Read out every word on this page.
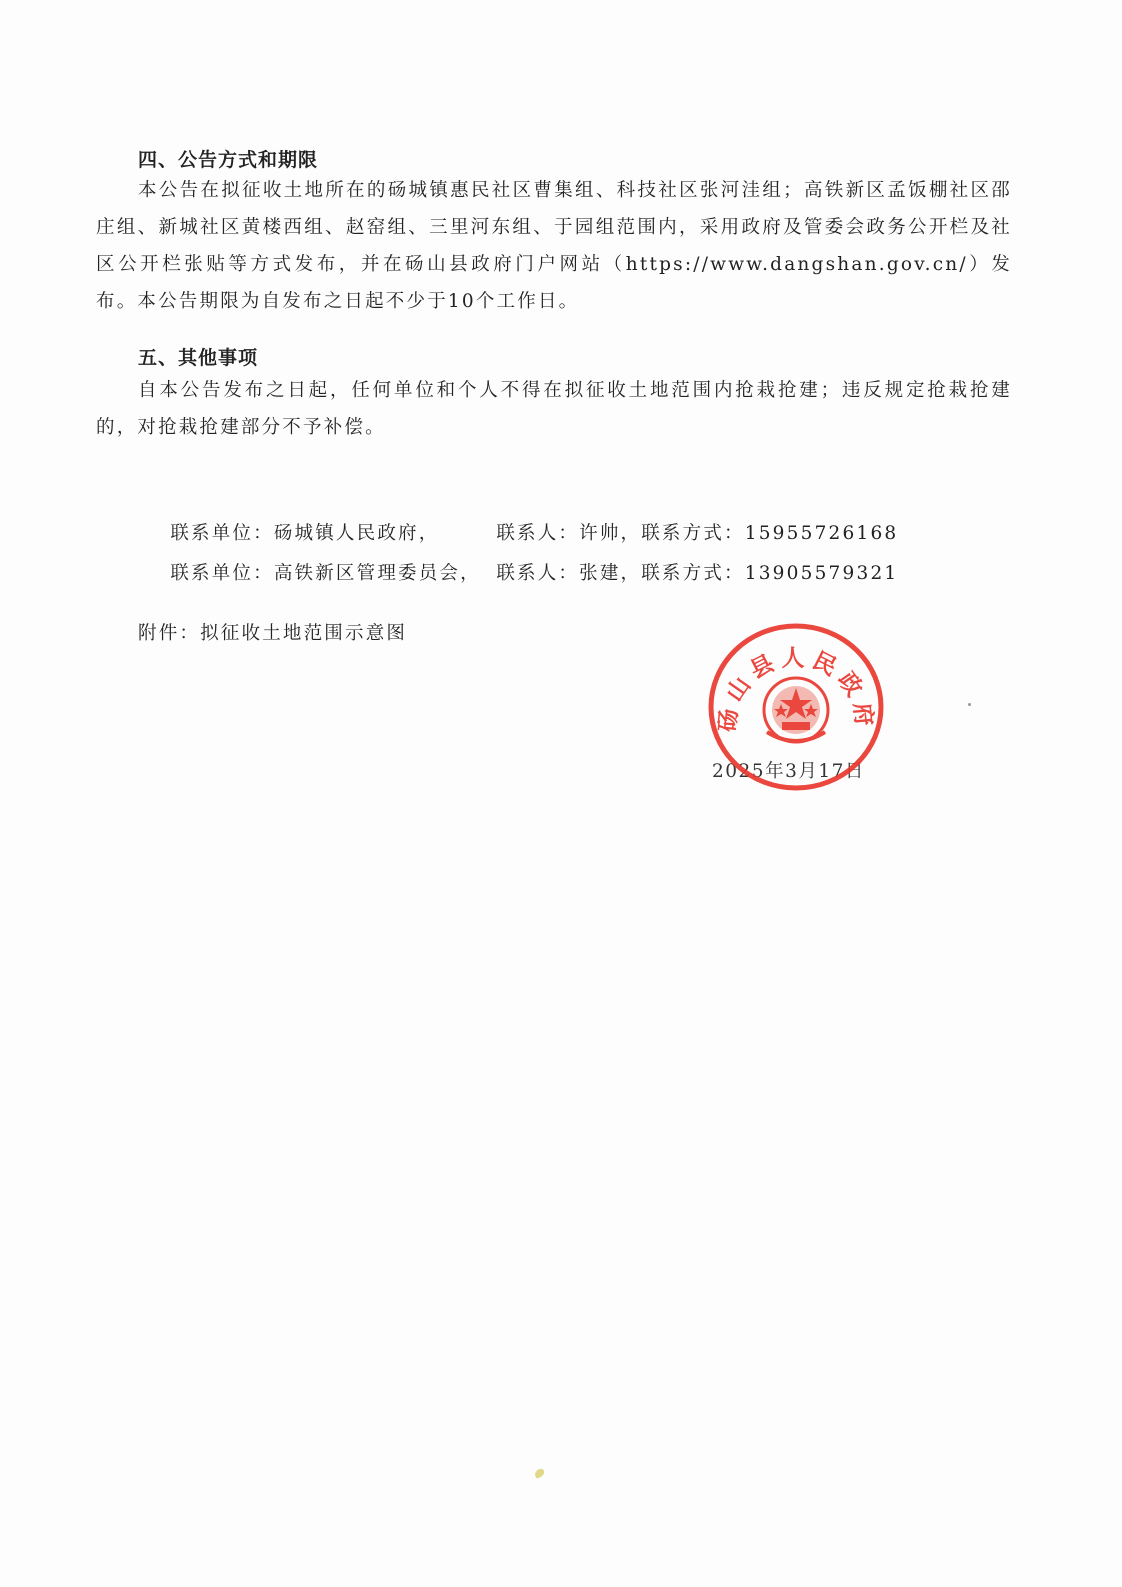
四、公告方式和期限
本公告在拟征收土地所在的砀城镇惠民社区曹集组、科技社区张河洼组；高铁新区孟饭棚社区邵庄组、新城社区黄楼西组、赵窑组、三里河东组、于园组范围内，采用政府及管委会政务公开栏及社区公开栏张贴等方式发布，并在砀山县政府门户网站（https://www.dangshan.gov.cn/）发布。本公告期限为自发布之日起不少于10个工作日。
五、其他事项
自本公告发布之日起，任何单位和个人不得在拟征收土地范围内抢栽抢建；违反规定抢栽抢建的，对抢栽抢建部分不予补偿。

联系单位：砀城镇人民政府，	联系人：许帅，联系方式：15955726168

联系单位：高铁新区管理委员会， 联系人：张建，联系方式：13905579321

附件：拟征收土地范围示意图
2025年3月17日
砀山县人民政府
